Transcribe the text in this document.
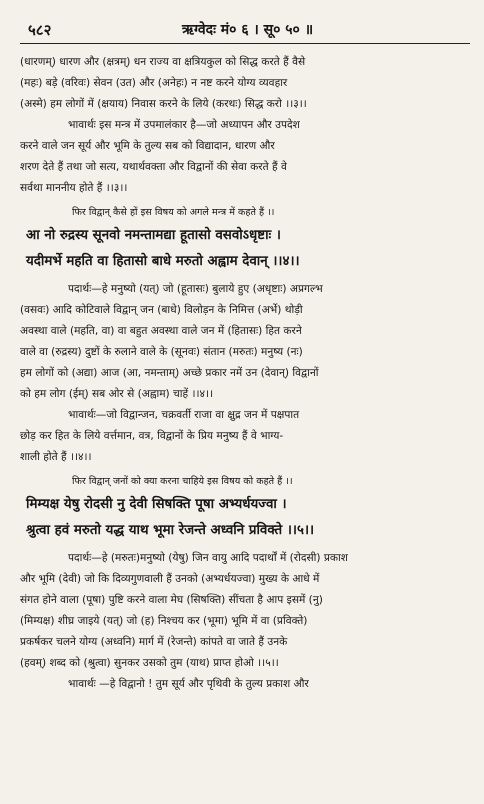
५८२	ऋग्वेदः मं० ६ । सू० ५० ॥

(धारणम्) धारण और (क्षत्रम्) धन राज्य वा क्षत्रियकुल को सिद्ध करते हैं वैसे
(महः) बड़े (वरिवः) सेवन (उत) और (अनेहः) न नष्ट करने योग्य व्यवहार
(अस्मे) हम लोगों में (क्षयाय) निवास करने के लिये (करथः) सिद्ध करो ।।३।।

भावार्थः इस मन्त्र में उपमालंकार है—जो अध्यापन और उपदेश
करने वाले जन सूर्य और भूमि के तुल्य सब को विद्यादान, धारण और
शरण देते हैं तथा जो सत्य, यथार्थवक्ता और विद्वानों की सेवा करते हैं वे
सर्वथा माननीय होते हैं ।।३।।

फिर विद्वान् कैसे हों इस विषय को अगले मन्त्र में कहते हैं ।।

आ नो रुद्रस्य सूनवो नमन्तामद्या हूतासो वसवोऽधृष्टाः ।

यदीमर्भे महति वा हितासो बाधे मरुतो अह्वाम देवान् ।।४।।

पदार्थः—हे मनुष्यो (यत्) जो (हूतासः) बुलाये हुए (अधृष्टाः) अप्रगल्भ
(वसवः) आदि कोटिवाले विद्वान् जन (बाधे) विलोड़न के निमित्त (अर्भे) थोड़ी
अवस्था वाले (महति, वा) वा बहुत अवस्था वाले जन में (हितासः) हित करने
वाले वा (रुद्रस्य) दुष्टों के रुलाने वाले के (सूनवः) संतान (मरुतः) मनुष्य (नः)
हम लोगों को (अद्या) आज (आ, नमन्ताम्) अच्छे प्रकार नमें उन (देवान्) विद्वानों
को हम लोग (ईम्) सब ओर से (अह्वाम) चाहें ।।४।।

भावार्थः—जो विद्वान्जन, चक्रवर्ती राजा वा क्षुद्र जन में पक्षपात
छोड़ कर हित के लिये वर्त्तमान, वत्र, विद्वानों के प्रिय मनुष्य हैं वे भाग्य-
शाली होते हैं ।।४।।

फिर विद्वान् जनों को क्या करना चाहिये इस विषय को कहते हैं ।।

मिम्यक्ष येषु रोदसी नु देवी सिषक्ति पूषा अभ्यर्धयज्वा ।

श्रुत्वा हवं मरुतो यद्ध याथ भूमा रेजन्ते अध्वनि प्रविक्ते ।।५।।

पदार्थः—हे (मरुतः)मनुष्यो (येषु) जिन वायु आदि पदार्थों में (रोदसी) प्रकाश
और भूमि (देवी) जो कि दिव्यगुणवाली हैं उनको (अभ्यर्धयज्वा) मुख्य के आधे में
संगत होने वाला (पूषा) पुष्टि करने वाला मेघ (सिषक्ति) सींचता है आप इसमें (नु)
(मिम्यक्ष) शीघ्र जाइये (यत्) जो (ह) निश्चय कर (भूमा) भूमि में वा (प्रविक्ते)
प्रकर्षकर चलने योग्य (अध्वनि) मार्ग में (रेजन्ते) कांपते वा जाते हैं उनके
(हवम्) शब्द को (श्रुत्वा) सुनकर उसको तुम (याथ) प्राप्त होओ ।।५।।

भावार्थः —हे विद्वानो ! तुम सूर्य और पृथिवी के तुल्य प्रकाश और
